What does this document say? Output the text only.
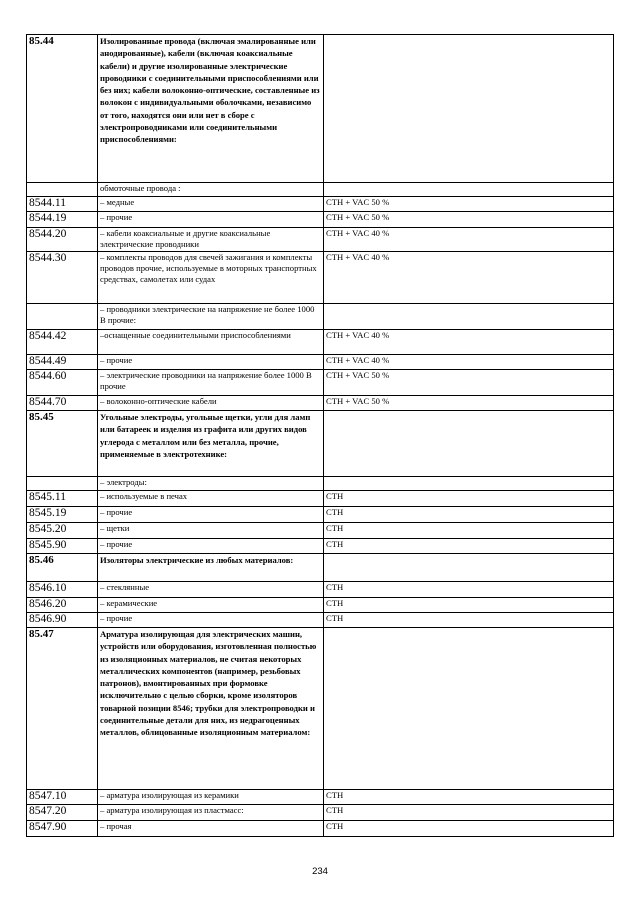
85.44	Изолированные провода (включая эмалированные или анодированные), кабели (включая коаксиальные кабели) и другие изолированные электрические проводники с соединительными приспособлениями или без них; кабели волоконно-оптические, составленные из волокон с индивидуальными оболочками, независимо от того, находятся они или нет в сборе с электропроводниками или соединительными приспособлениями:	

	обмоточные провода :	

8544.11	– медные	CTH + VAC 50 %

8544.19	– прочие	CTH + VAC 50 %

8544.20	– кабели коаксиальные и другие коаксиальные электрические проводники	CTH + VAC 40 %

8544.30	– комплекты проводов для свечей зажигания и комплекты проводов прочие, используемые в моторных транспортных средствах, самолетах или судах	CTH + VAC 40 %

	– проводники электрические на напряжение не более 1000 В прочие:	

8544.42	–оснащенные соединительными приспособлениями	CTH + VAC 40 %

8544.49	– прочие	CTH + VAC 40 %

8544.60	– электрические проводники на напряжение более 1000 В прочие	CTH + VAC 50 %

8544.70	– волоконно-оптические кабели	CTH + VAC 50 %

85.45	Угольные электроды, угольные щетки, угли для ламп или батареек и изделия из графита или других видов углерода с металлом или без металла, прочие, применяемые в электротехнике:	

	– электроды:	

8545.11	– используемые в печах	CTH

8545.19	– прочие	CTH

8545.20	– щетки	CTH

8545.90	– прочие	CTH

85.46	Изоляторы электрические из любых материалов:	

8546.10	– стеклянные	CTH

8546.20	– керамические	CTH

8546.90	– прочие	CTH

85.47	Арматура изолирующая для электрических машин, устройств или оборудования, изготовленная полностью из изоляционных материалов, не считая некоторых металлических компонентов (например, резьбовых патронов), вмонтированных при формовке исключительно с целью сборки, кроме изоляторов товарной позиции 8546; трубки для электропроводки и соединительные детали для них, из недрагоценных металлов, облицованные изоляционным материалом:	

8547.10	– арматура изолирующая из керамики	CTH

8547.20	– арматура изолирующая из пластмасс:	CTH

8547.90	– прочая	CTH
234
